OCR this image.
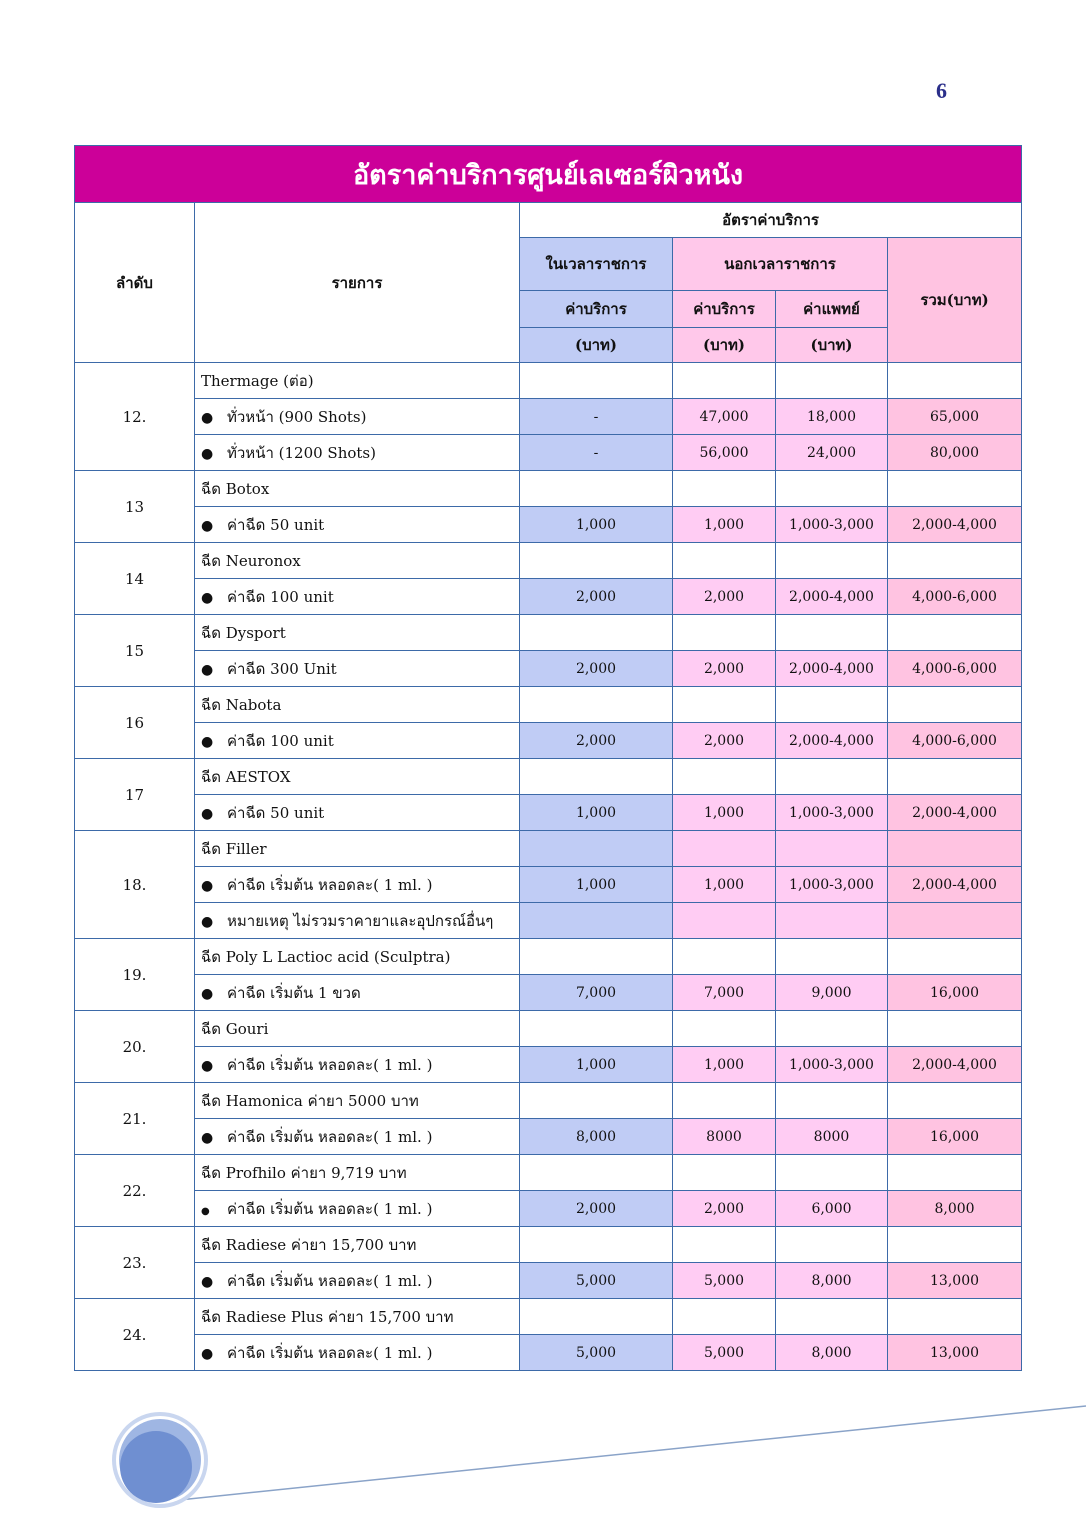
6
อัตราค่าบริการศูนย์เลเซอร์ผิวหนัง					
ลำดับ	รายการ	อัตราค่าบริการ			
		ในเวลาราชการ	นอกเวลาราชการ		รวม(บาท)
		ค่าบริการ	ค่าบริการ	ค่าแพทย์	
		(บาท)	(บาท)	(บาท)	
12.	Thermage (ต่อ)				
	● ทั่วหน้า (900 Shots)	-	47,000	18,000	65,000
	● ทั่วหน้า (1200 Shots)	-	56,000	24,000	80,000
13	ฉีด Botox				
	● ค่าฉีด 50 unit	1,000	1,000	1,000-3,000	2,000-4,000
14	ฉีด Neuronox				
	● ค่าฉีด 100 unit	2,000	2,000	2,000-4,000	4,000-6,000
15	ฉีด Dysport				
	● ค่าฉีด 300 Unit	2,000	2,000	2,000-4,000	4,000-6,000
16	ฉีด Nabota				
	● ค่าฉีด 100 unit	2,000	2,000	2,000-4,000	4,000-6,000
17	ฉีด AESTOX				
	● ค่าฉีด 50 unit	1,000	1,000	1,000-3,000	2,000-4,000
18.	ฉีด Filler				
	● ค่าฉีด เริ่มต้น หลอดละ( 1 ml. )	1,000	1,000	1,000-3,000	2,000-4,000
	● หมายเหตุ ไม่รวมราคายาและอุปกรณ์อื่นๆ				
19.	ฉีด Poly L Lactioc acid (Sculptra)				
	● ค่าฉีด เริ่มต้น 1 ขวด	7,000	7,000	9,000	16,000
20.	ฉีด Gouri				
	● ค่าฉีด เริ่มต้น หลอดละ( 1 ml. )	1,000	1,000	1,000-3,000	2,000-4,000
21.	ฉีด Hamonica ค่ายา 5000 บาท				
	● ค่าฉีด เริ่มต้น หลอดละ( 1 ml. )	8,000	8000	8000	16,000
22.	ฉีด Profhilo ค่ายา 9,719 บาท				
	● ค่าฉีด เริ่มต้น หลอดละ( 1 ml. )	2,000	2,000	6,000	8,000
23.	ฉีด Radiese ค่ายา 15,700 บาท				
	● ค่าฉีด เริ่มต้น หลอดละ( 1 ml. )	5,000	5,000	8,000	13,000
24.	ฉีด Radiese Plus ค่ายา 15,700 บาท				
	● ค่าฉีด เริ่มต้น หลอดละ( 1 ml. )	5,000	5,000	8,000	13,000
